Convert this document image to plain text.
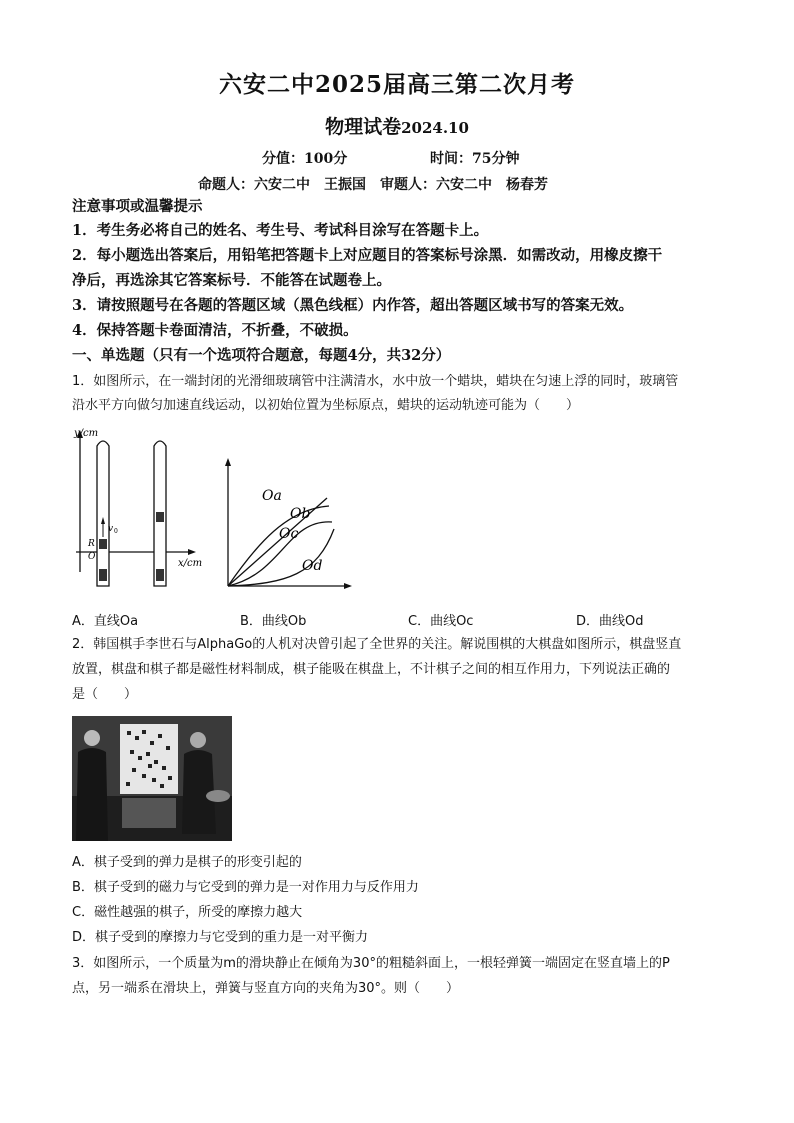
六安二中2025届高三第二次月考
物理试卷2024.10
分值：100分	时间：75分钟
命题人：六安二中　王振国　审题人：六安二中　杨春芳
注意事项或温馨提示
1．考生务必将自己的姓名、考生号、考试科目涂写在答题卡上。
2．每小题选出答案后，用铅笔把答题卡上对应题目的答案标号涂黑．如需改动，用橡皮擦干
净后，再选涂其它答案标号．不能答在试题卷上。
3．请按照题号在各题的答题区域（黑色线框）内作答，超出答题区域书写的答案无效。
4．保持答题卡卷面清洁，不折叠，不破损。
一、单选题（只有一个选项符合题意，每题4分，共32分）
1．如图所示，在一端封闭的光滑细玻璃管中注满清水，水中放一个蜡块，蜡块在匀速上浮的同时，玻璃管
沿水平方向做匀加速直线运动，以初始位置为坐标原点，蜡块的运动轨迹可能为（　　）
y/cm
x/cm
v 0
R
O
Oa
Ob
Oc
Od
A．直线Oa	B．曲线Ob	C．曲线Oc	D．曲线Od
2．韩国棋手李世石与AlphaGo的人机对决曾引起了全世界的关注。解说围棋的大棋盘如图所示，棋盘竖直
放置，棋盘和棋子都是磁性材料制成，棋子能吸在棋盘上，不计棋子之间的相互作用力，下列说法正确的
是（　　）
A．棋子受到的弹力是棋子的形变引起的
B．棋子受到的磁力与它受到的弹力是一对作用力与反作用力
C．磁性越强的棋子，所受的摩擦力越大
D．棋子受到的摩擦力与它受到的重力是一对平衡力
3．如图所示，一个质量为m的滑块静止在倾角为30°的粗糙斜面上，一根轻弹簧一端固定在竖直墙上的P
点，另一端系在滑块上，弹簧与竖直方向的夹角为30°。则（　　）
